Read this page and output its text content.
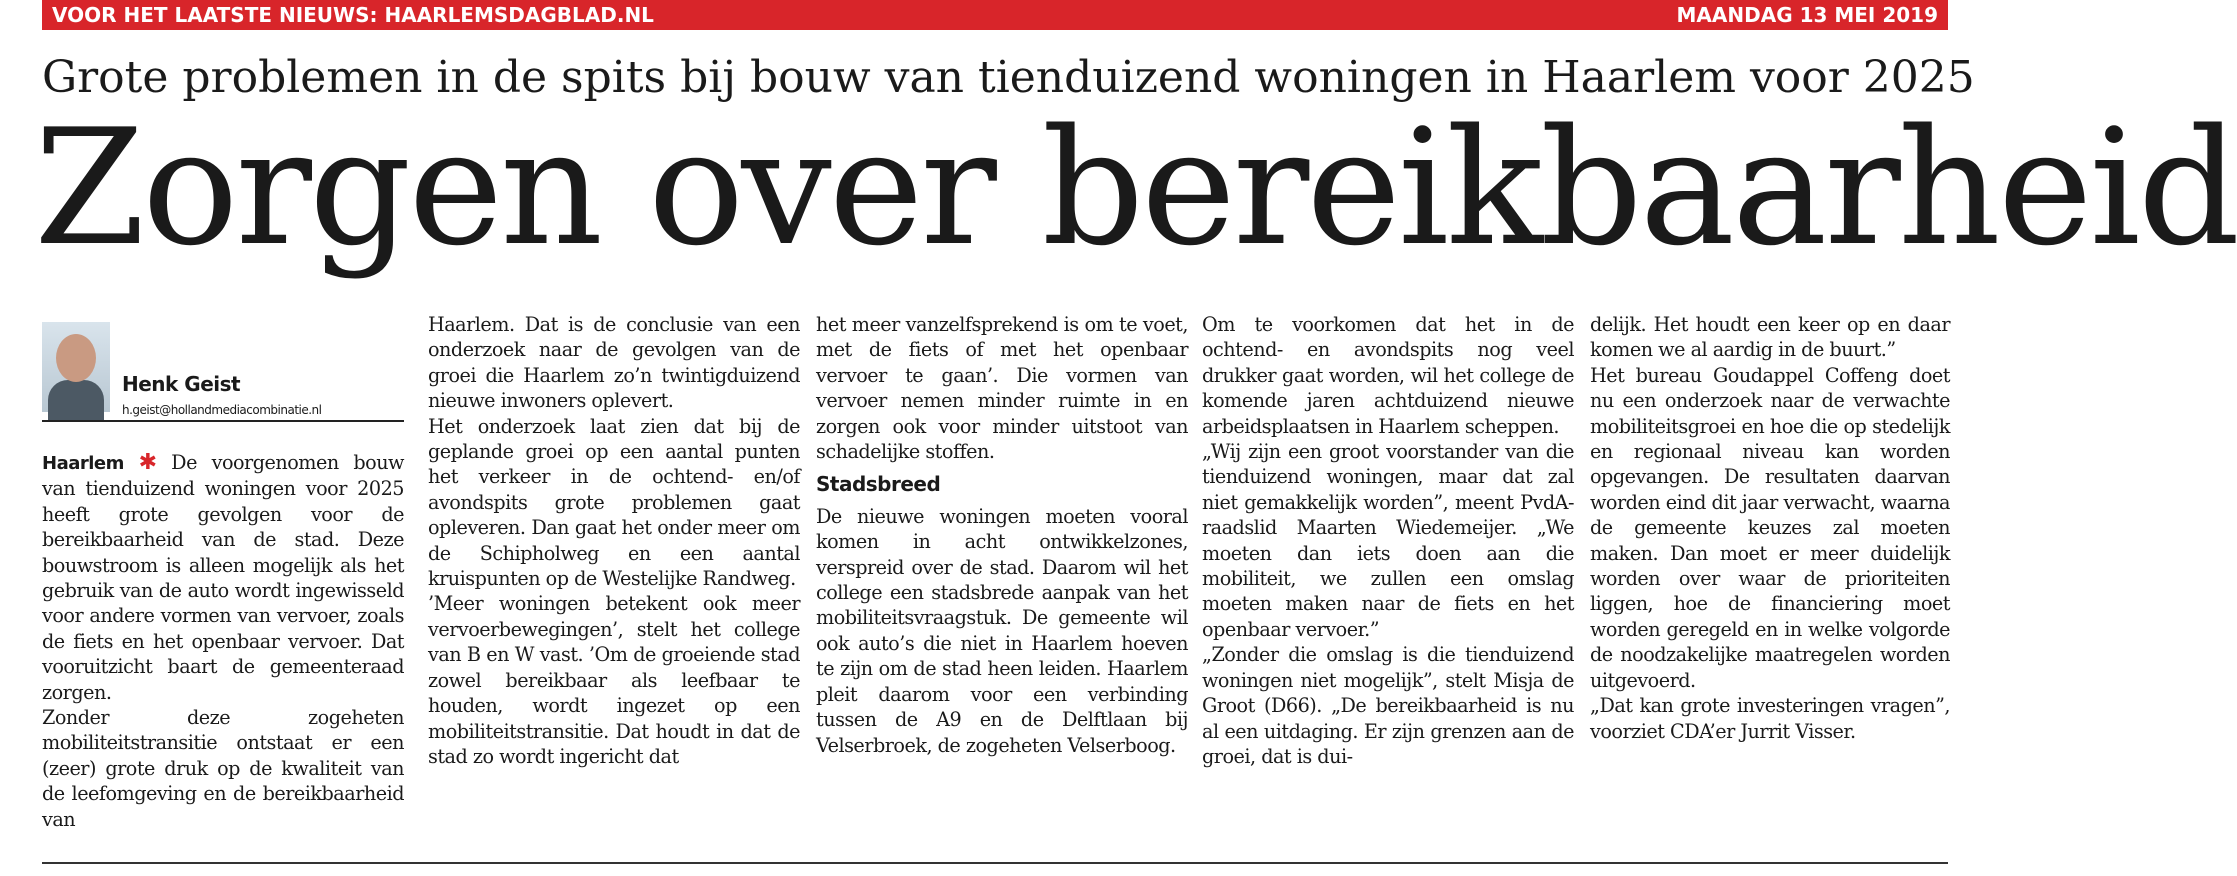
VOOR HET LAATSTE NIEUWS: HAARLEMSDAGBLAD.NL	MAANDAG 13 MEI 2019
Grote problemen in de spits bij bouw van tienduizend woningen in Haarlem voor 2025
Zorgen over bereikbaarheid
Henk Geist
h.geist@hollandmediacombinatie.nl

Haarlem ✱ De voorgenomen bouw van tienduizend woningen voor 2025 heeft grote gevolgen voor de bereikbaarheid van de stad. Deze bouwstroom is alleen mogelijk als het gebruik van de auto wordt ingewisseld voor andere vormen van vervoer, zoals de fiets en het openbaar vervoer. Dat vooruitzicht baart de gemeenteraad zorgen.

Zonder deze zogeheten mobiliteitstransitie ontstaat er een (zeer) grote druk op de kwaliteit van de leefomgeving en de bereikbaarheid van

Haarlem. Dat is de conclusie van een onderzoek naar de gevolgen van de groei die Haarlem zo’n twintigduizend nieuwe inwoners oplevert.

Het onderzoek laat zien dat bij de geplande groei op een aantal punten het verkeer in de ochtend- en/of avondspits grote problemen gaat opleveren. Dan gaat het onder meer om de Schipholweg en een aantal kruispunten op de Westelijke Randweg.

’Meer woningen betekent ook meer vervoerbewegingen’, stelt het college van B en W vast. ’Om de groeiende stad zowel bereikbaar als leefbaar te houden, wordt ingezet op een mobiliteitstransitie. Dat houdt in dat de stad zo wordt ingericht dat

het meer vanzelfsprekend is om te voet, met de fiets of met het openbaar vervoer te gaan’. Die vormen van vervoer nemen minder ruimte in en zorgen ook voor minder uitstoot van schadelijke stoffen.

Stadsbreed

De nieuwe woningen moeten vooral komen in acht ontwikkelzones, verspreid over de stad. Daarom wil het college een stadsbrede aanpak van het mobiliteitsvraagstuk. De gemeente wil ook auto’s die niet in Haarlem hoeven te zijn om de stad heen leiden. Haarlem pleit daarom voor een verbinding tussen de A9 en de Delftlaan bij Velserbroek, de zogeheten Velserboog.

Om te voorkomen dat het in de ochtend- en avondspits nog veel drukker gaat worden, wil het college de komende jaren achtduizend nieuwe arbeidsplaatsen in Haarlem scheppen.

„Wij zijn een groot voorstander van die tienduizend woningen, maar dat zal niet gemakkelijk worden”, meent PvdA-raadslid Maarten Wiedemeijer. „We moeten dan iets doen aan die mobiliteit, we zullen een omslag moeten maken naar de fiets en het openbaar vervoer.”

„Zonder die omslag is die tienduizend woningen niet mogelijk”, stelt Misja de Groot (D66). „De bereikbaarheid is nu al een uitdaging. Er zijn grenzen aan de groei, dat is dui-

delijk. Het houdt een keer op en daar komen we al aardig in de buurt.”

Het bureau Goudappel Coffeng doet nu een onderzoek naar de verwachte mobiliteitsgroei en hoe die op stedelijk en regionaal niveau kan worden opgevangen. De resultaten daarvan worden eind dit jaar verwacht, waarna de gemeente keuzes zal moeten maken. Dan moet er meer duidelijk worden over waar de prioriteiten liggen, hoe de financiering moet worden geregeld en in welke volgorde de noodzakelijke maatregelen worden uitgevoerd.

„Dat kan grote investeringen vragen”, voorziet CDA’er Jurrit Visser.
